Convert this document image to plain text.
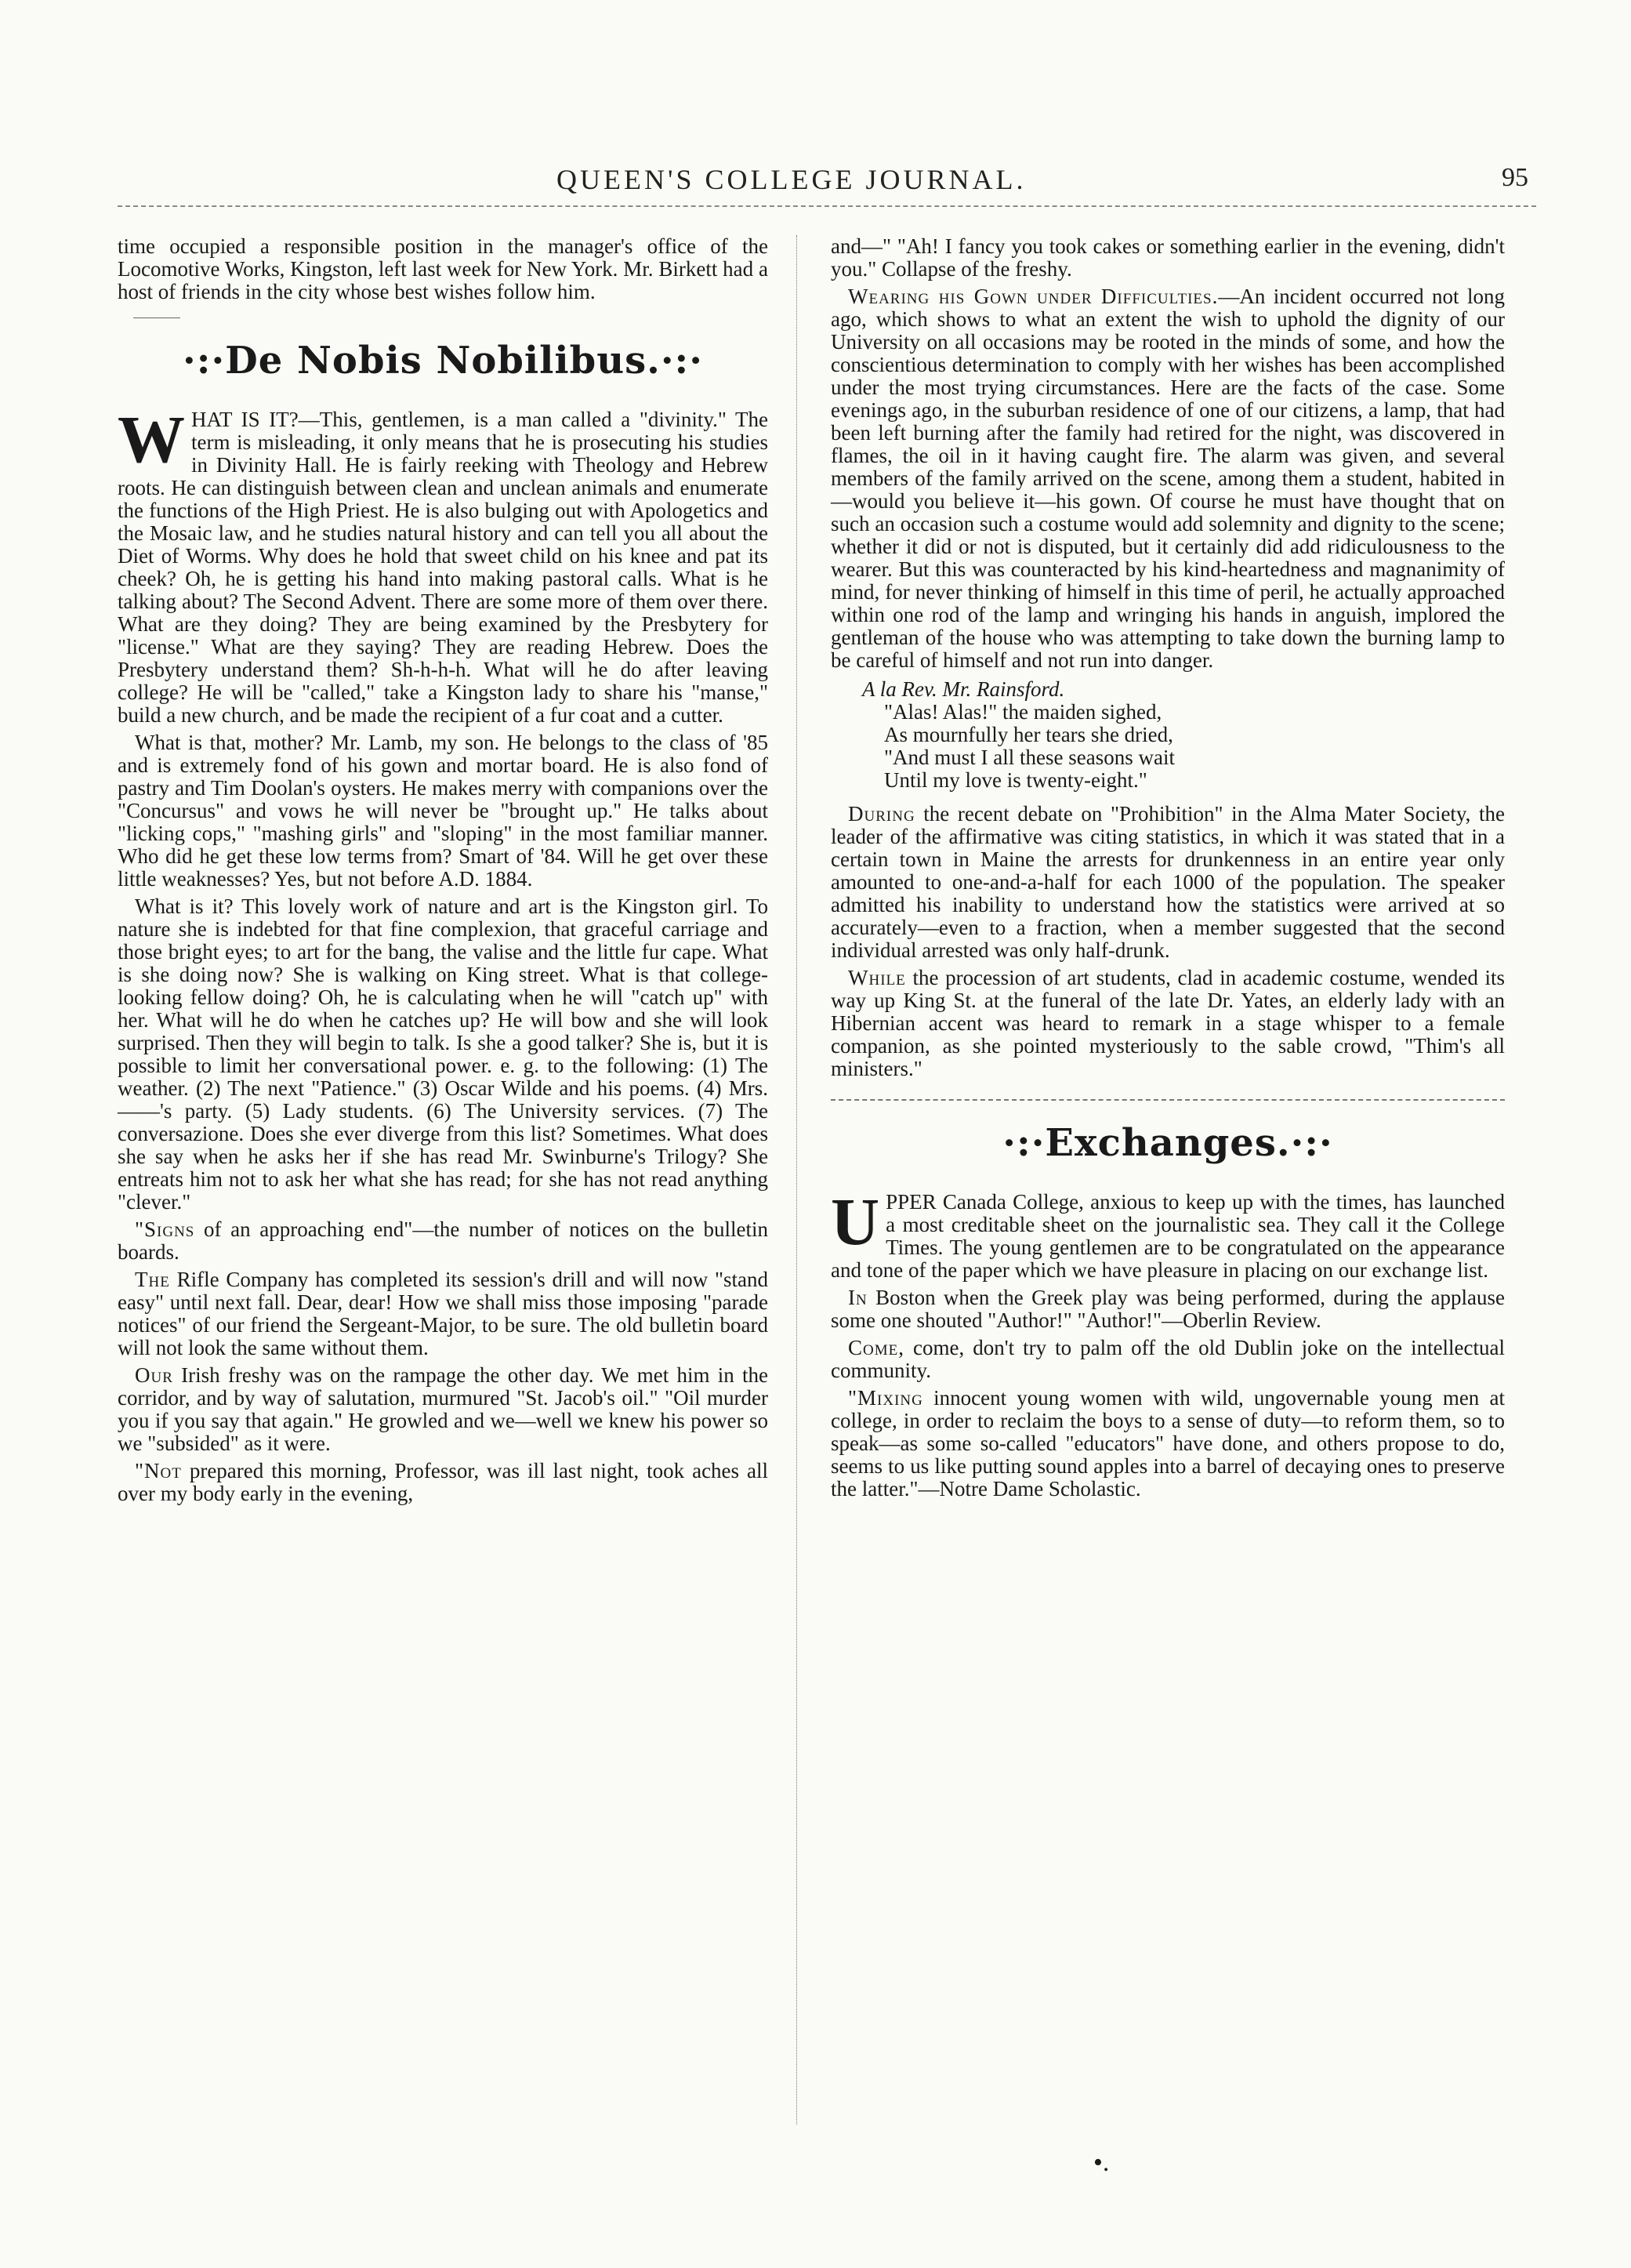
QUEEN'S COLLEGE JOURNAL.	95

time occupied a responsible position in the manager's office of the Locomotive Works, Kingston, left last week for New York. Mr. Birkett had a host of friends in the city whose best wishes follow him.

·:·De Nobis Nobilibus.·:·

WHAT IS IT?—This, gentlemen, is a man called a "divinity." The term is misleading, it only means that he is prosecuting his studies in Divinity Hall. He is fairly reeking with Theology and Hebrew roots. He can distinguish between clean and unclean animals and enumerate the functions of the High Priest. He is also bulging out with Apologetics and the Mosaic law, and he studies natural history and can tell you all about the Diet of Worms. Why does he hold that sweet child on his knee and pat its cheek? Oh, he is getting his hand into making pastoral calls. What is he talking about? The Second Advent. There are some more of them over there. What are they doing? They are being examined by the Presbytery for "license." What are they saying? They are reading Hebrew. Does the Presbytery understand them? Sh-h-h-h. What will he do after leaving college? He will be "called," take a Kingston lady to share his "manse," build a new church, and be made the recipient of a fur coat and a cutter.

What is that, mother? Mr. Lamb, my son. He belongs to the class of '85 and is extremely fond of his gown and mortar board. He is also fond of pastry and Tim Doolan's oysters. He makes merry with companions over the "Concursus" and vows he will never be "brought up." He talks about "licking cops," "mashing girls" and "sloping" in the most familiar manner. Who did he get these low terms from? Smart of '84. Will he get over these little weaknesses? Yes, but not before A.D. 1884.

What is it? This lovely work of nature and art is the Kingston girl. To nature she is indebted for that fine complexion, that graceful carriage and those bright eyes; to art for the bang, the valise and the little fur cape. What is she doing now? She is walking on King street. What is that college-looking fellow doing? Oh, he is calculating when he will "catch up" with her. What will he do when he catches up? He will bow and she will look surprised. Then they will begin to talk. Is she a good talker? She is, but it is possible to limit her conversational power. e. g. to the following: (1) The weather. (2) The next "Patience." (3) Oscar Wilde and his poems. (4) Mrs. ——'s party. (5) Lady students. (6) The University services. (7) The conversazione. Does she ever diverge from this list? Sometimes. What does she say when he asks her if she has read Mr. Swinburne's Trilogy? She entreats him not to ask her what she has read; for she has not read anything "clever."

"Signs of an approaching end"—the number of notices on the bulletin boards.

The Rifle Company has completed its session's drill and will now "stand easy" until next fall. Dear, dear! How we shall miss those imposing "parade notices" of our friend the Sergeant-Major, to be sure. The old bulletin board will not look the same without them.

Our Irish freshy was on the rampage the other day. We met him in the corridor, and by way of salutation, murmured "St. Jacob's oil." "Oil murder you if you say that again." He growled and we—well we knew his power so we "subsided" as it were.

"Not prepared this morning, Professor, was ill last night, took aches all over my body early in the evening,

and—" "Ah! I fancy you took cakes or something earlier in the evening, didn't you." Collapse of the freshy.

Wearing his Gown under Difficulties.—An incident occurred not long ago, which shows to what an extent the wish to uphold the dignity of our University on all occasions may be rooted in the minds of some, and how the conscientious determination to comply with her wishes has been accomplished under the most trying circumstances. Here are the facts of the case. Some evenings ago, in the suburban residence of one of our citizens, a lamp, that had been left burning after the family had retired for the night, was discovered in flames, the oil in it having caught fire. The alarm was given, and several members of the family arrived on the scene, among them a student, habited in—would you believe it—his gown. Of course he must have thought that on such an occasion such a costume would add solemnity and dignity to the scene; whether it did or not is disputed, but it certainly did add ridiculousness to the wearer. But this was counteracted by his kind-heartedness and magnanimity of mind, for never thinking of himself in this time of peril, he actually approached within one rod of the lamp and wringing his hands in anguish, implored the gentleman of the house who was attempting to take down the burning lamp to be careful of himself and not run into danger.

A la Rev. Mr. Rainsford.
"Alas! Alas!" the maiden sighed,
As mournfully her tears she dried,
"And must I all these seasons wait
Until my love is twenty-eight."

During the recent debate on "Prohibition" in the Alma Mater Society, the leader of the affirmative was citing statistics, in which it was stated that in a certain town in Maine the arrests for drunkenness in an entire year only amounted to one-and-a-half for each 1000 of the population. The speaker admitted his inability to understand how the statistics were arrived at so accurately—even to a fraction, when a member suggested that the second individual arrested was only half-drunk.

While the procession of art students, clad in academic costume, wended its way up King St. at the funeral of the late Dr. Yates, an elderly lady with an Hibernian accent was heard to remark in a stage whisper to a female companion, as she pointed mysteriously to the sable crowd, "Thim's all ministers."

·:·Exchanges.·:·

UPPER Canada College, anxious to keep up with the times, has launched a most creditable sheet on the journalistic sea. They call it the College Times. The young gentlemen are to be congratulated on the appearance and tone of the paper which we have pleasure in placing on our exchange list.

In Boston when the Greek play was being performed, during the applause some one shouted "Author!" "Author!"—Oberlin Review.

Come, come, don't try to palm off the old Dublin joke on the intellectual community.

"Mixing innocent young women with wild, ungovernable young men at college, in order to reclaim the boys to a sense of duty—to reform them, so to speak—as some so-called "educators" have done, and others propose to do, seems to us like putting sound apples into a barrel of decaying ones to preserve the latter."—Notre Dame Scholastic.

•.
